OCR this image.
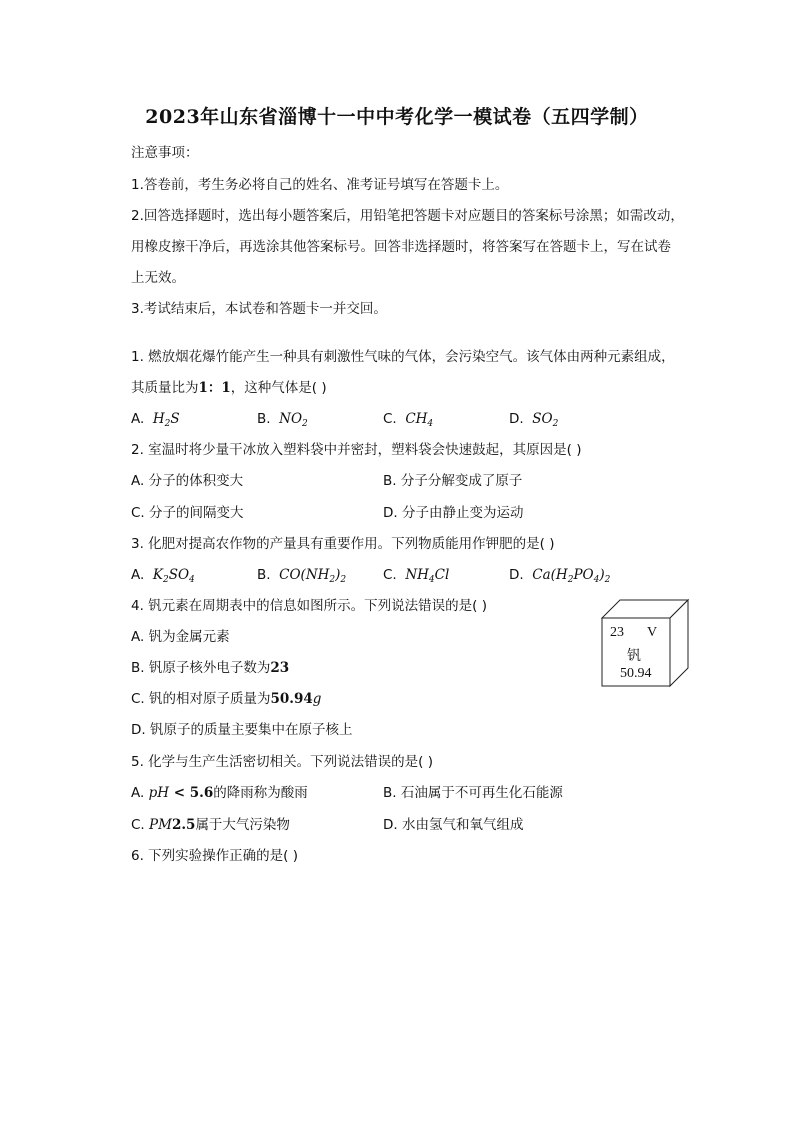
2023年山东省淄博十一中中考化学一模试卷（五四学制）
注意事项：
1.答卷前，考生务必将自己的姓名、准考证号填写在答题卡上。
2.回答选择题时，选出每小题答案后，用铅笔把答题卡对应题目的答案标号涂黑；如需改动，
用橡皮擦干净后，再选涂其他答案标号。回答非选择题时，将答案写在答题卡上，写在试卷
上无效。
3.考试结束后，本试卷和答题卡一并交回。
1. 燃放烟花爆竹能产生一种具有刺激性气味的气体，会污染空气。该气体由两种元素组成，
其质量比为1：1，这种气体是( )
A. $H_2S$	B. $NO_2$	C. $CH_4$	D. $SO_2$
2. 室温时将少量干冰放入塑料袋中并密封，塑料袋会快速鼓起，其原因是( )
A. 分子的体积变大	B. 分子分解变成了原子
C. 分子的间隔变大	D. 分子由静止变为运动
3. 化肥对提高农作物的产量具有重要作用。下列物质能用作钾肥的是( )
A. $K_2SO_4$	B. $CO(NH_2)_2$	C. $NH_4Cl$	D. $Ca(H_2PO_4)_2$
4. 钒元素在周期表中的信息如图所示。下列说法错误的是( )
A. 钒为金属元素
B. 钒原子核外电子数为23
C. 钒的相对原子质量为50.94g
D. 钒原子的质量主要集中在原子核上
23 V
钒
50.94
5. 化学与生产生活密切相关。下列说法错误的是( )
A. pH < 5.6的降雨称为酸雨	B. 石油属于不可再生化石能源
C. PM2.5属于大气污染物	D. 水由氢气和氧气组成
6. 下列实验操作正确的是( )
